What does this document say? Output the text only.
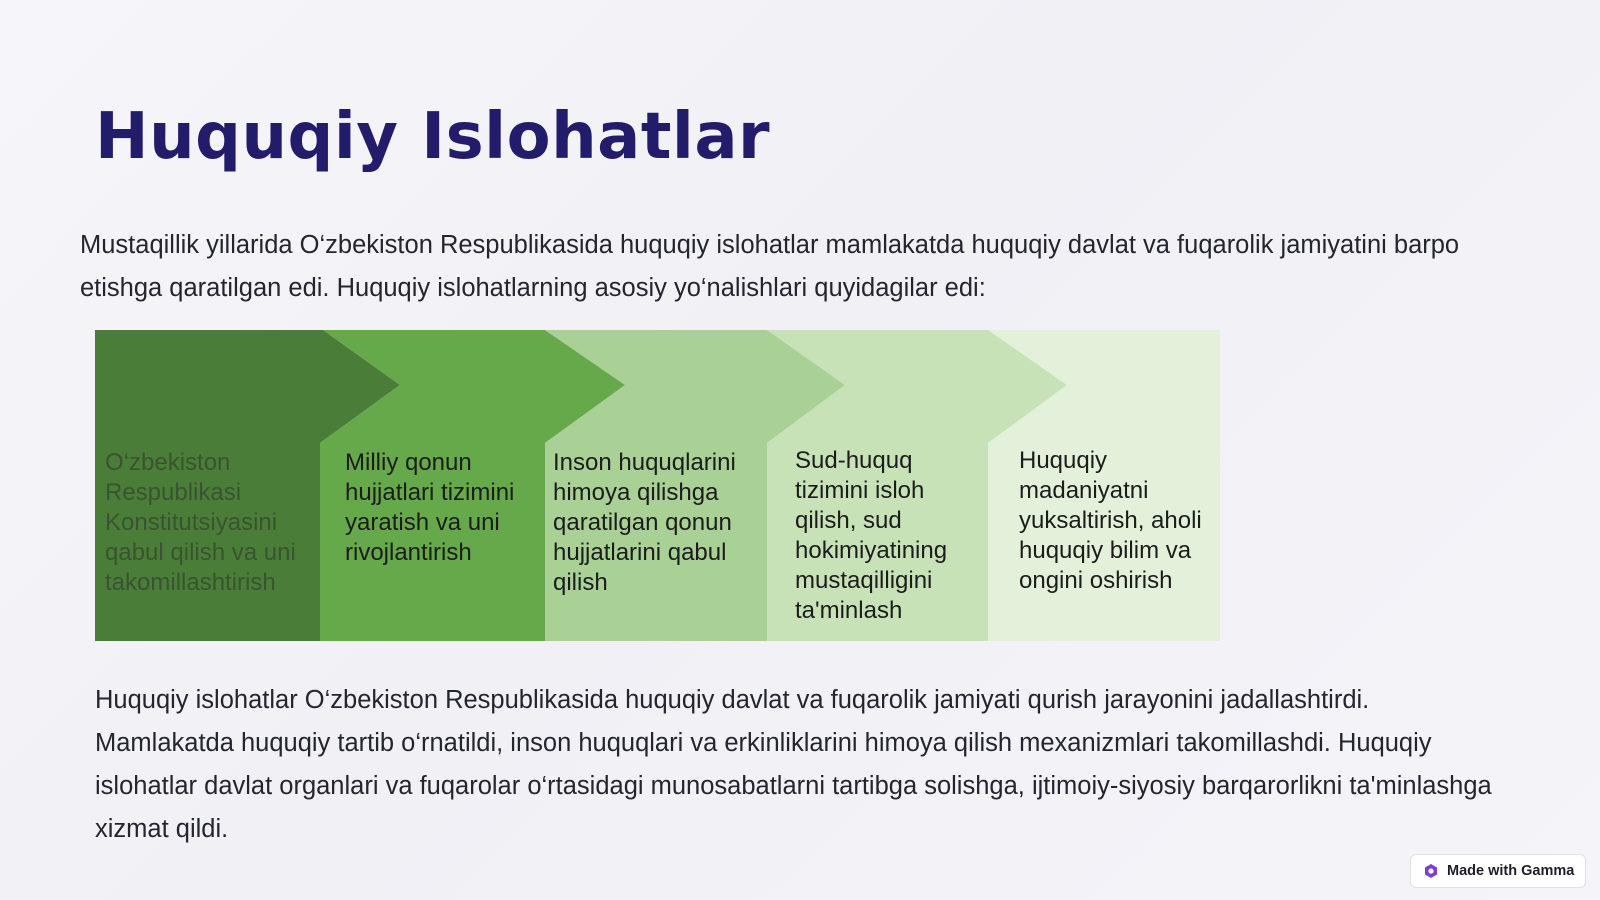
Huquqiy Islohatlar

Mustaqillik yillarida O‘zbekiston Respublikasida huquqiy islohatlar mamlakatda huquqiy davlat va fuqarolik jamiyatini barpo etishga qaratilgan edi. Huquqiy islohatlarning asosiy yo‘nalishlari quyidagilar edi:

O‘zbekiston Respublikasi Konstitutsiyasini qabul qilish va uni takomillashtirish

Milliy qonun hujjatlari tizimini yaratish va uni rivojlantirish

Inson huquqlarini himoya qilishga qaratilgan qonun hujjatlarini qabul qilish

Sud-huquq tizimini isloh qilish, sud hokimiyatining mustaqilligini ta'minlash

Huquqiy madaniyatni yuksaltirish, aholi huquqiy bilim va ongini oshirish

Huquqiy islohatlar O‘zbekiston Respublikasida huquqiy davlat va fuqarolik jamiyati qurish jarayonini jadallashtirdi. Mamlakatda huquqiy tartib o‘rnatildi, inson huquqlari va erkinliklarini himoya qilish mexanizmlari takomillashdi. Huquqiy islohatlar davlat organlari va fuqarolar o‘rtasidagi munosabatlarni tartibga solishga, ijtimoiy-siyosiy barqarorlikni ta'minlashga xizmat qildi.

Made with Gamma
